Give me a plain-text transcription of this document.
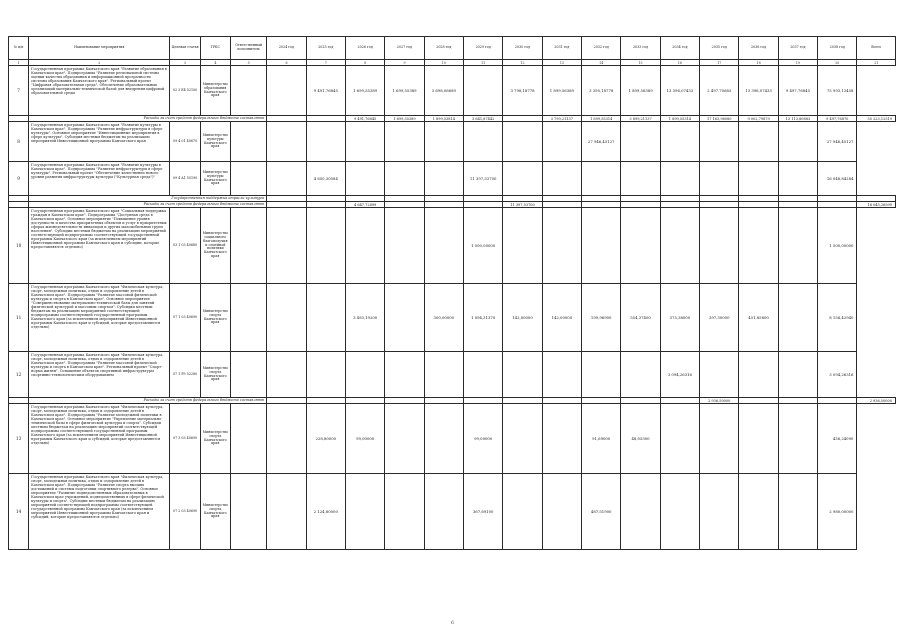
№ п/п	Наименование мероприятия	Целевая статья	ГРБС	Ответственный исполнитель	2024 год	2025 год	2026 год	2027 год	2028 год	2029 год	2030 год	2031 год	2032 год	2033 год	2034 год	2035 год	2036 год	2037 год	2038 год	Всего
1	2	3	4	5	6	7	8	9	10	11	12	13	14	15	16	17	18	19	20	21
7	Государственная программа Камчатского края "Развитие образования в Камчатском крае". Подпрограмма "Развитие региональной системы оценки качества образования и информационной прозрачности системы образования Камчатского края". Региональный проект "Цифровая образовательная среда". Обеспечение образовательных организаций материально-технической базой для внедрения цифровой образовательной среды	02 3 E4 52100	Министерство образования Камчатского края			9 491,76845	1 699,55389	1 699,55389	3 698,06689		3 798,18778	1 899,56389	3 395,18778	1 899,56389	13 396,07433	2 497,70683	13 396,07433	9 497,76845	75 993,13458	
	Расходы за счет средств федерального бюджета составляют						9 491,76845	1 699,55389	1 899,53814	3 641,87442		3 799,21137	1 899,55314	3 899,21137	1 899,55314	17 163,96080	9 002,79879	13 113,80883	9 497,76870	55 223,12519
8	Государственная программа Камчатского края "Развитие культуры в Камчатском крае". Подпрограмма "Развитие инфраструктуры в сфере культуры". Основное мероприятие "Инвестиционные мероприятия в сфере культуры". Субсидия местным бюджетам на реализацию мероприятий Инвестиционной программы Камчатского края	09 4 01 40670	Министерство культуры Камчатского края										27 946,45127						27 946,45127	
9	Государственная программа Камчатского края "Развитие культуры в Камчатском крае". Подпрограмма "Развитие инфраструктуры в сфере культуры". Региональный проект "Обеспечение качественно нового уровня развития инфраструктуры культуры ("Культурная среда")"	09 4 A1 55190	Министерство культуры Камчатского края			4 650,30584				11 397,53700									16 048,84284	
	Государственная поддержка отрасли культуры																			
	Расходы за счет средств федерального бюджета составляют						4 647,72899				11 397,53700									16 045,26599
10	Государственная программа Камчатского края "Социальная поддержка граждан в Камчатском крае". Подпрограмма "Доступная среда в Камчатском крае". Основное мероприятие "Повышение уровня доступности и качества приоритетных объектов и услуг в приоритетных сферах жизнедеятельности инвалидов и других маломобильных групп населения". Субсидии местным бюджетам на реализацию мероприятий соответствующей подпрограммы соответствующей государственной программы Камчатского края (за исключением мероприятий Инвестиционной программы Камчатского края и субсидии, которые предоставляются отдельно)	03 1 03 40680	Министерство социального благополучия и семейной политики Камчатского края							1 500,00000									1 500,00000	
11	Государственная программа Камчатского края "Физическая культура, спорт, молодежная политика, отдых и оздоровление детей в Камчатском крае". Подпрограмма "Развитие массовой физической культуры и спорта в Камчатском крае". Основное мероприятие "Совершенствование материально-технической базы для занятий физической культурой и массовым спортом". Субсидии местным бюджетам на реализацию мероприятий соответствующей подпрограммы соответствующей государственной программы Камчатского края (за исключением мероприятий Инвестиционной программы Камчатского края и субсидий, которые предоставляются отдельно)	07 1 03 40690	Министерство спорта Камчатского края				3 493,19200		300,00000	1 094,31370	142,00000	142,00000	199,96900	554,37400	375,38000	397,30000	451,85800		8 156,42940	
12	Государственная программа Камчатского края "Физическая культура, спорт, молодежная политика, отдых и оздоровление детей в Камчатском крае". Подпрограмма "Развитие массовой физической культуры и спорта в Камчатском крае". Региональный проект "Спорт-норма жизни". Оснащение объектов спортивной инфраструктуры спортивно-технологическим оборудованием	07 1 P5 52280	Министерство спорта Камчатского края												3 094,26316				3 094,26316	
	Расходы за счет средств федерального бюджета составляют															2 936,50000				2 936,50000
13	Государственная программа Камчатского края "Физическая культура, спорт, молодежная политика, отдых и оздоровление детей в Камчатском крае". Подпрограмма "Развитие молодежной политики в Камчатском крае". Основное мероприятие "Укрепление материально-технической базы в сфере физической культуры и спорта". Субсидии местным бюджетам на реализацию мероприятий соответствующей подпрограммы соответствующей государственной программы Камчатского края (за исключением мероприятий Инвестиционной программы Камчатского края и субсидий, которые предоставляются отдельно)	07 3 03 40690	Министерство спорта Камчатского края			228,80000	99,00000			99,00000			91,69000	48,05300					436,24090	
14	Государственная программа Камчатского края "Физическая культура, спорт, молодежная политика, отдых и оздоровление детей в Камчатском крае". Подпрограмма "Развитие спорта высших достижений и системы подготовки спортивного резерва". Основное мероприятие "Развитие подведомственных образовательных в Камчатском крае учреждений, подведомственных в сфере физической культуры и спорта". Субсидии местным бюджетам на реализацию мероприятий соответствующей подпрограммы соответствующей государственной программы Камчатского края (за исключением мероприятий Инвестиционной программы Камчатского края и субсидий, которые предоставляются отдельно)	07 2 03 40690	Министерство спорта Камчатского края			2 124,80000				367,69100			487,51900						2 980,00000	
6
